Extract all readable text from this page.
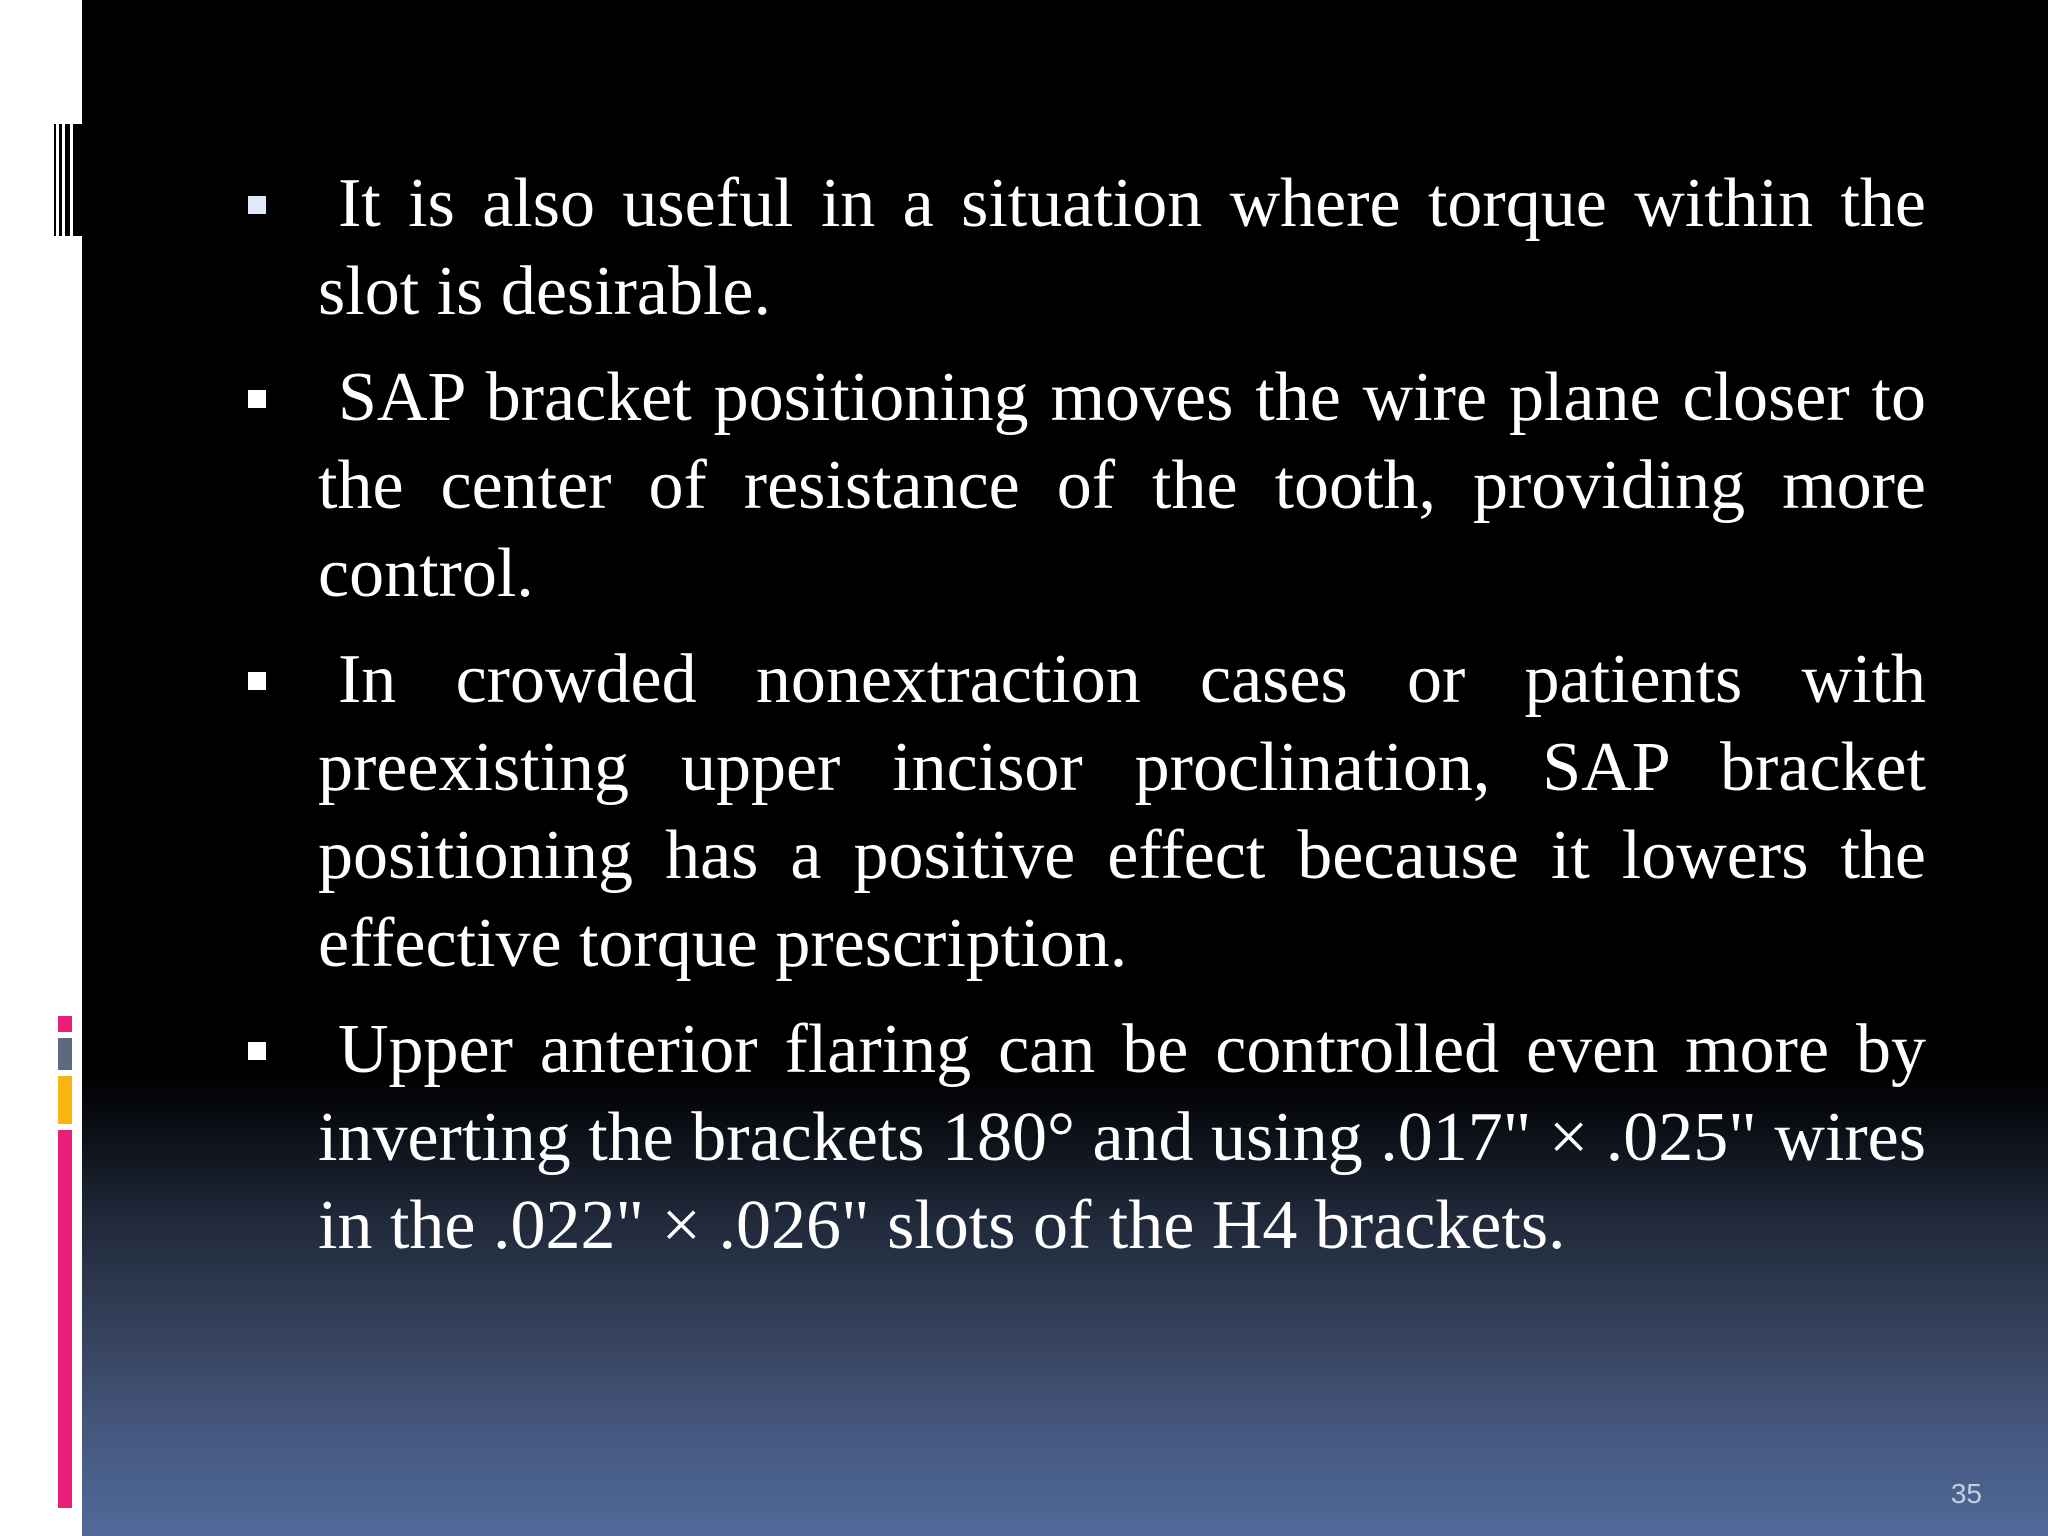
It is also useful in a situation where torque within the slot is desirable.
SAP bracket positioning moves the wire plane closer to the center of resistance of the tooth, providing more control.
In crowded nonextraction cases or patients with preexisting upper incisor proclination, SAP bracket positioning has a positive effect because it lowers the effective torque prescription.
Upper anterior flaring can be controlled even more by inverting the brackets 180° and using .017" × .025" wires in the .022" × .026" slots of the H4 brackets.
35
